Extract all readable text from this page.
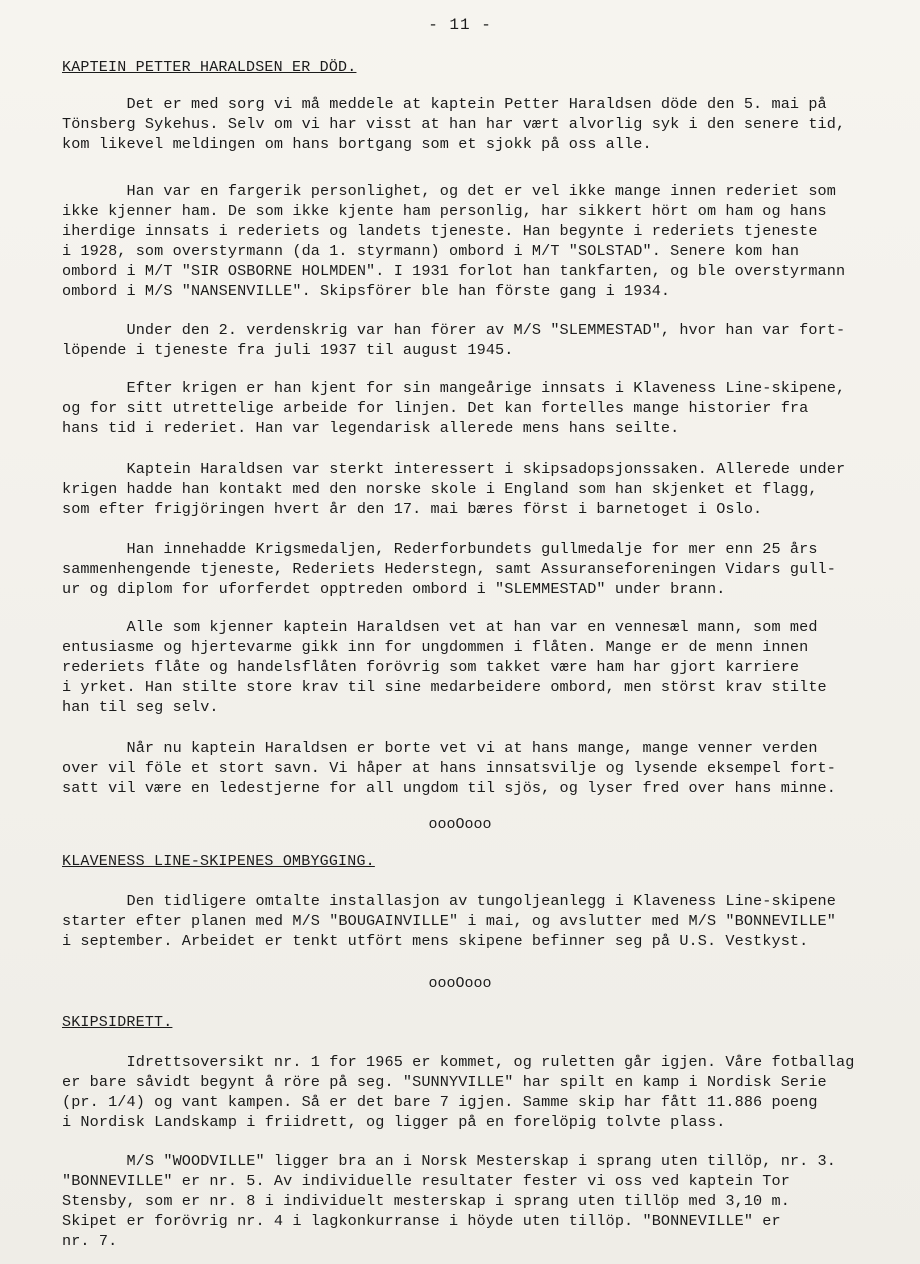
- 11 -
KAPTEIN PETTER HARALDSEN ER DÖD.
Det er med sorg vi må meddele at kaptein Petter Haraldsen döde den 5. mai på
Tönsberg Sykehus. Selv om vi har visst at han har vært alvorlig syk i den senere tid,
kom likevel meldingen om hans bortgang som et sjokk på oss alle.
Han var en fargerik personlighet, og det er vel ikke mange innen rederiet som
ikke kjenner ham. De som ikke kjente ham personlig, har sikkert hört om ham og hans
iherdige innsats i rederiets og landets tjeneste. Han begynte i rederiets tjeneste
i 1928, som overstyrmann (da 1. styrmann) ombord i M/T "SOLSTAD". Senere kom han
ombord i M/T "SIR OSBORNE HOLMDEN". I 1931 forlot han tankfarten, og ble overstyrmann
ombord i M/S "NANSENVILLE". Skipsförer ble han förste gang i 1934.
Under den 2. verdenskrig var han förer av M/S "SLEMMESTAD", hvor han var fort-
löpende i tjeneste fra juli 1937 til august 1945.
Efter krigen er han kjent for sin mangeårige innsats i Klaveness Line-skipene,
og for sitt utrettelige arbeide for linjen. Det kan fortelles mange historier fra
hans tid i rederiet. Han var legendarisk allerede mens hans seilte.
Kaptein Haraldsen var sterkt interessert i skipsadopsjonssaken. Allerede under
krigen hadde han kontakt med den norske skole i England som han skjenket et flagg,
som efter frigjöringen hvert år den 17. mai bæres först i barnetoget i Oslo.
Han innehadde Krigsmedaljen, Rederforbundets gullmedalje for mer enn 25 års
sammenhengende tjeneste, Rederiets Hederstegn, samt Assuranseforeningen Vidars gull-
ur og diplom for uforferdet opptreden ombord i "SLEMMESTAD" under brann.
Alle som kjenner kaptein Haraldsen vet at han var en vennesæl mann, som med
entusiasme og hjertevarme gikk inn for ungdommen i flåten. Mange er de menn innen
rederiets flåte og handelsflåten forövrig som takket være ham har gjort karriere
i yrket. Han stilte store krav til sine medarbeidere ombord, men störst krav stilte
han til seg selv.
Når nu kaptein Haraldsen er borte vet vi at hans mange, mange venner verden
over vil föle et stort savn. Vi håper at hans innsatsvilje og lysende eksempel fort-
satt vil være en ledestjerne for all ungdom til sjös, og lyser fred over hans minne.
oooOooo
KLAVENESS LINE-SKIPENES OMBYGGING.
Den tidligere omtalte installasjon av tungoljeanlegg i Klaveness Line-skipene
starter efter planen med M/S "BOUGAINVILLE" i mai, og avslutter med M/S "BONNEVILLE"
i september. Arbeidet er tenkt utfört mens skipene befinner seg på U.S. Vestkyst.
oooOooo
SKIPSIDRETT.
Idrettsoversikt nr. 1 for 1965 er kommet, og ruletten går igjen. Våre fotballag
er bare såvidt begynt å röre på seg. "SUNNYVILLE" har spilt en kamp i Nordisk Serie
(pr. 1/4) og vant kampen. Så er det bare 7 igjen. Samme skip har fått 11.886 poeng
i Nordisk Landskamp i friidrett, og ligger på en forelöpig tolvte plass.
M/S "WOODVILLE" ligger bra an i Norsk Mesterskap i sprang uten tillöp, nr. 3.
"BONNEVILLE" er nr. 5. Av individuelle resultater fester vi oss ved kaptein Tor
Stensby, som er nr. 8 i individuelt mesterskap i sprang uten tillöp med 3,10 m.
Skipet er forövrig nr. 4 i lagkonkurranse i höyde uten tillöp. "BONNEVILLE" er
nr. 7.
